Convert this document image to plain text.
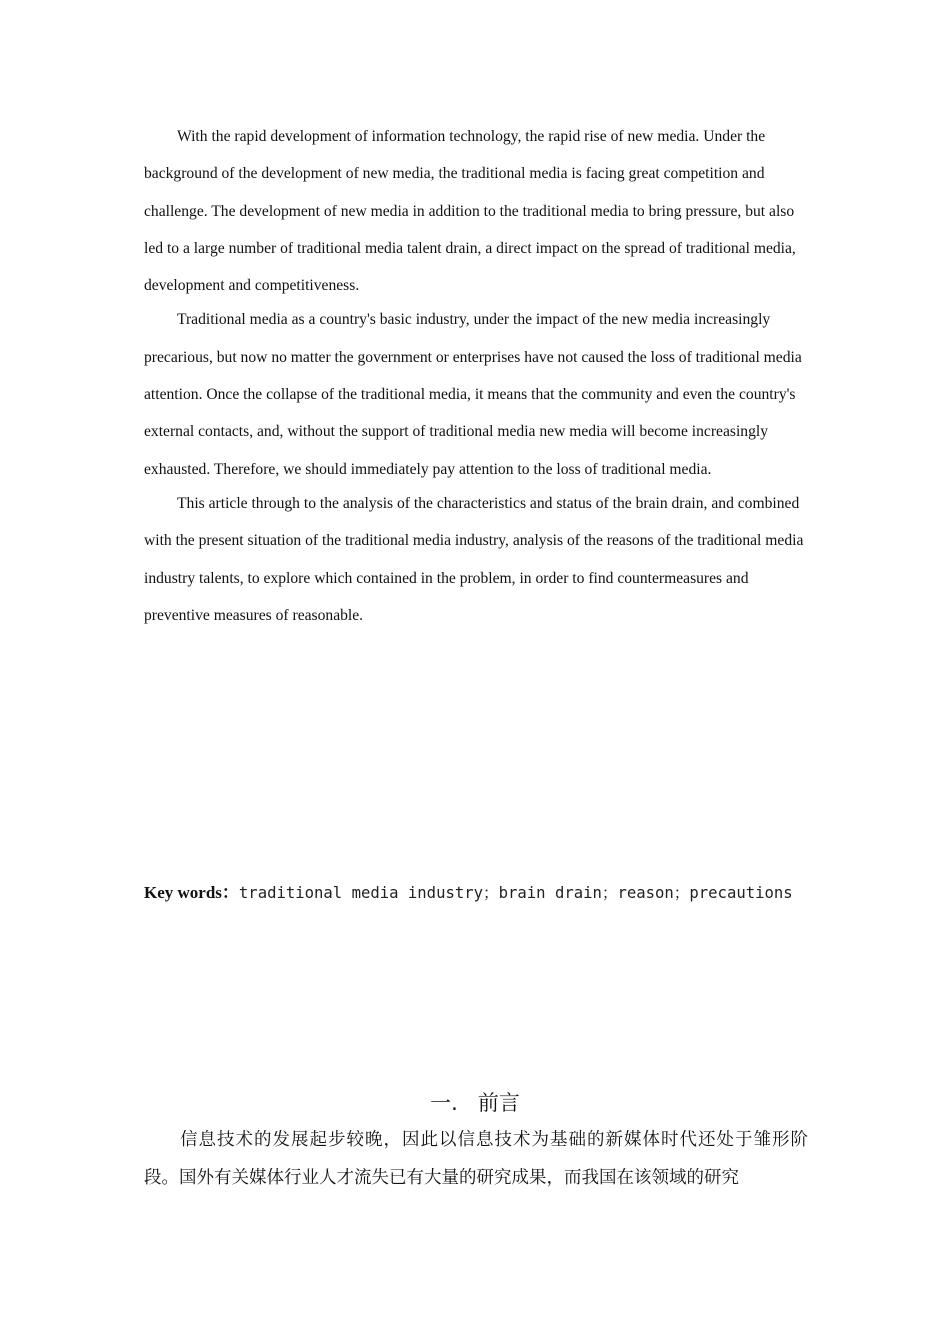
With the rapid development of information technology, the rapid rise of new media. Under the background of the development of new media, the traditional media is facing great competition and challenge. The development of new media in addition to the traditional media to bring pressure, but also led to a large number of traditional media talent drain, a direct impact on the spread of traditional media, development and competitiveness.

Traditional media as a country's basic industry, under the impact of the new media increasingly precarious, but now no matter the government or enterprises have not caused the loss of traditional media attention. Once the collapse of the traditional media, it means that the community and even the country's external contacts, and, without the support of traditional media new media will become increasingly exhausted. Therefore, we should immediately pay attention to the loss of traditional media.

This article through to the analysis of the characteristics and status of the brain drain, and combined with the present situation of the traditional media industry, analysis of the reasons of the traditional media industry talents, to explore which contained in the problem, in order to find countermeasures and preventive measures of reasonable.

Key words：traditional media industry；brain drain；reason；precautions
一. 前言
信息技术的发展起步较晚，因此以信息技术为基础的新媒体时代还处于雏形阶段。国外有关媒体行业人才流失已有大量的研究成果，而我国在该领域的研究
